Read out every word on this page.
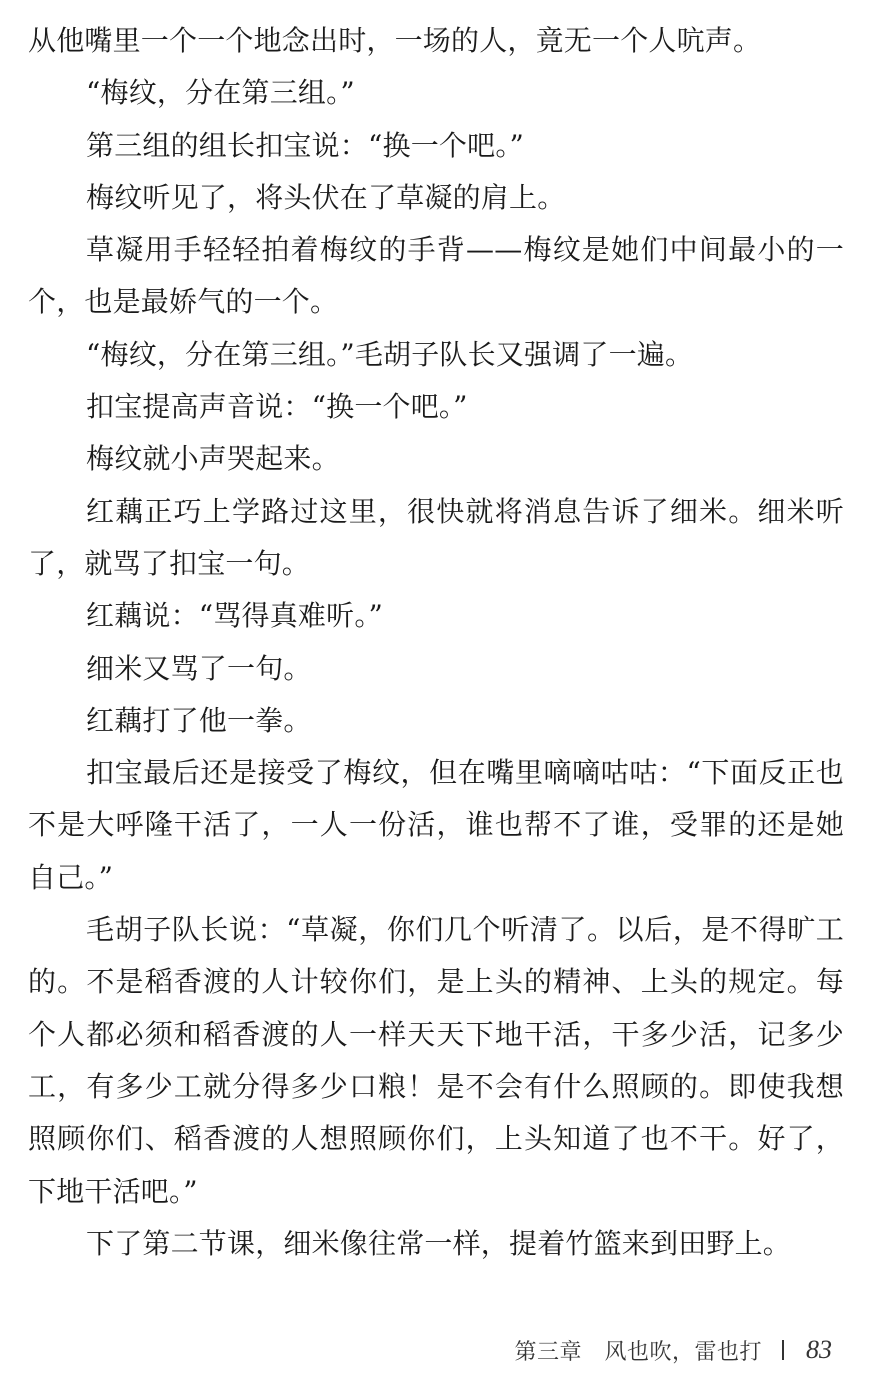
从他嘴里一个一个地念出时，一场的人，竟无一个人吭声。

“梅纹，分在第三组。”

第三组的组长扣宝说：“换一个吧。”

梅纹听见了，将头伏在了草凝的肩上。

草凝用手轻轻拍着梅纹的手背——梅纹是她们中间最小的一个，也是最娇气的一个。

“梅纹，分在第三组。”毛胡子队长又强调了一遍。

扣宝提高声音说：“换一个吧。”

梅纹就小声哭起来。

红藕正巧上学路过这里，很快就将消息告诉了细米。细米听了，就骂了扣宝一句。

红藕说：“骂得真难听。”

细米又骂了一句。

红藕打了他一拳。

扣宝最后还是接受了梅纹，但在嘴里嘀嘀咕咕：“下面反正也不是大呼隆干活了，一人一份活，谁也帮不了谁，受罪的还是她自己。”

毛胡子队长说：“草凝，你们几个听清了。以后，是不得旷工的。不是稻香渡的人计较你们，是上头的精神、上头的规定。每个人都必须和稻香渡的人一样天天下地干活，干多少活，记多少工，有多少工就分得多少口粮！是不会有什么照顾的。即使我想照顾你们、稻香渡的人想照顾你们，上头知道了也不干。好了，下地干活吧。”

下了第二节课，细米像往常一样，提着竹篮来到田野上。

第三章　风也吹，雷也打 83
